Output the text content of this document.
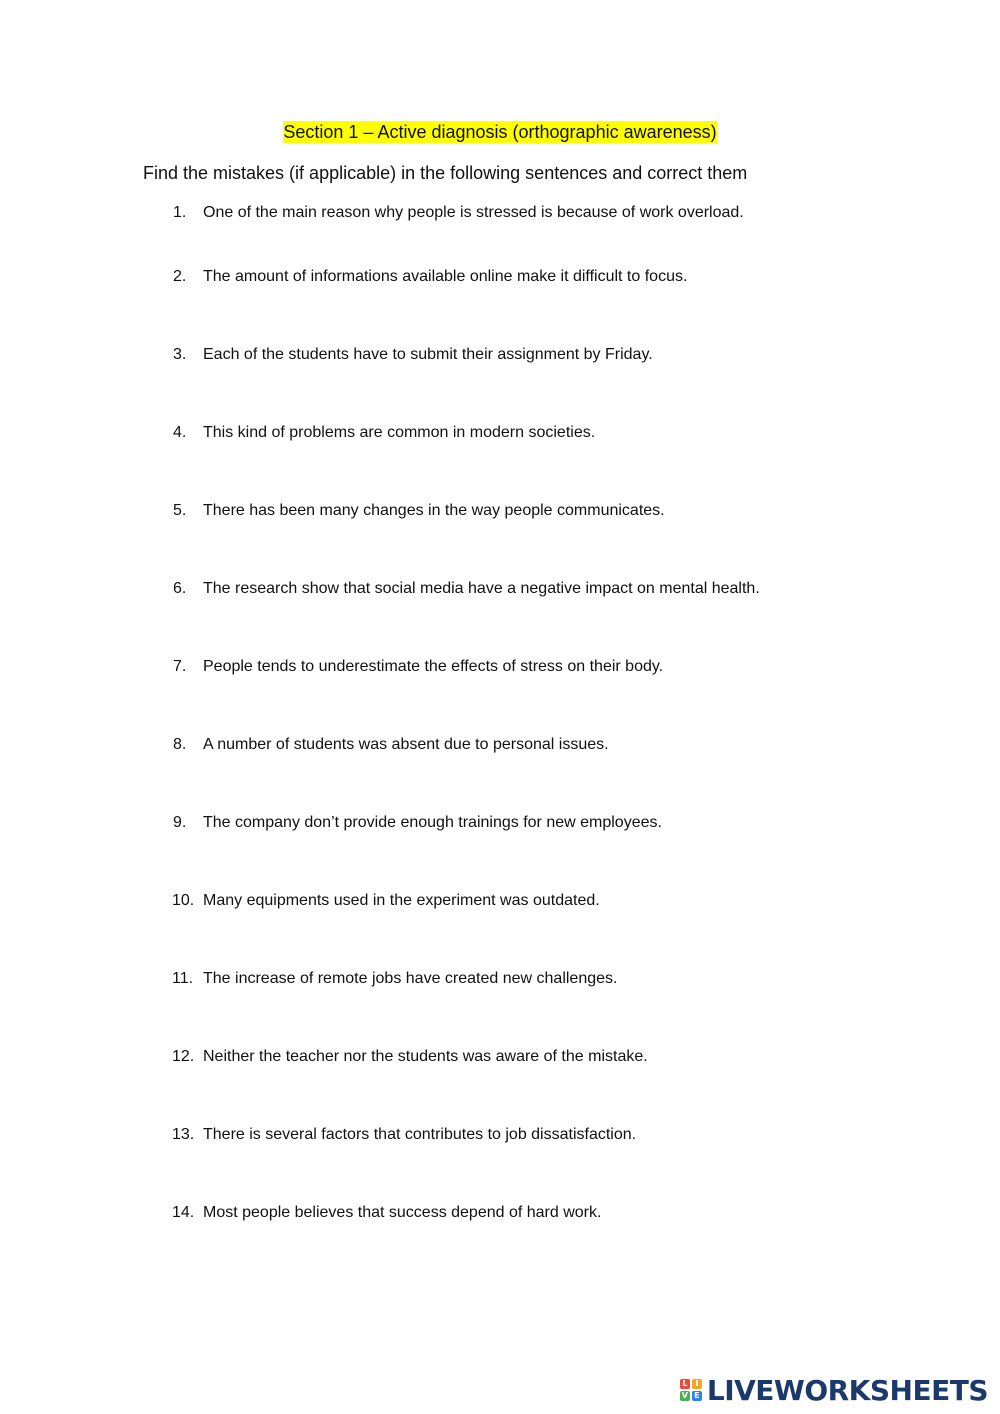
Section 1 – Active diagnosis (orthographic awareness)
Find the mistakes (if applicable) in the following sentences and correct them
1. One of the main reason why people is stressed is because of work overload.
2. The amount of informations available online make it difficult to focus.
3. Each of the students have to submit their assignment by Friday.
4. This kind of problems are common in modern societies.
5. There has been many changes in the way people communicates.
6. The research show that social media have a negative impact on mental health.
7. People tends to underestimate the effects of stress on their body.
8. A number of students was absent due to personal issues.
9. The company don’t provide enough trainings for new employees.
10. Many equipments used in the experiment was outdated.
11. The increase of remote jobs have created new challenges.
12. Neither the teacher nor the students was aware of the mistake.
13. There is several factors that contributes to job dissatisfaction.
14. Most people believes that success depend of hard work.
L I
V E LIVEWORKSHEETS
